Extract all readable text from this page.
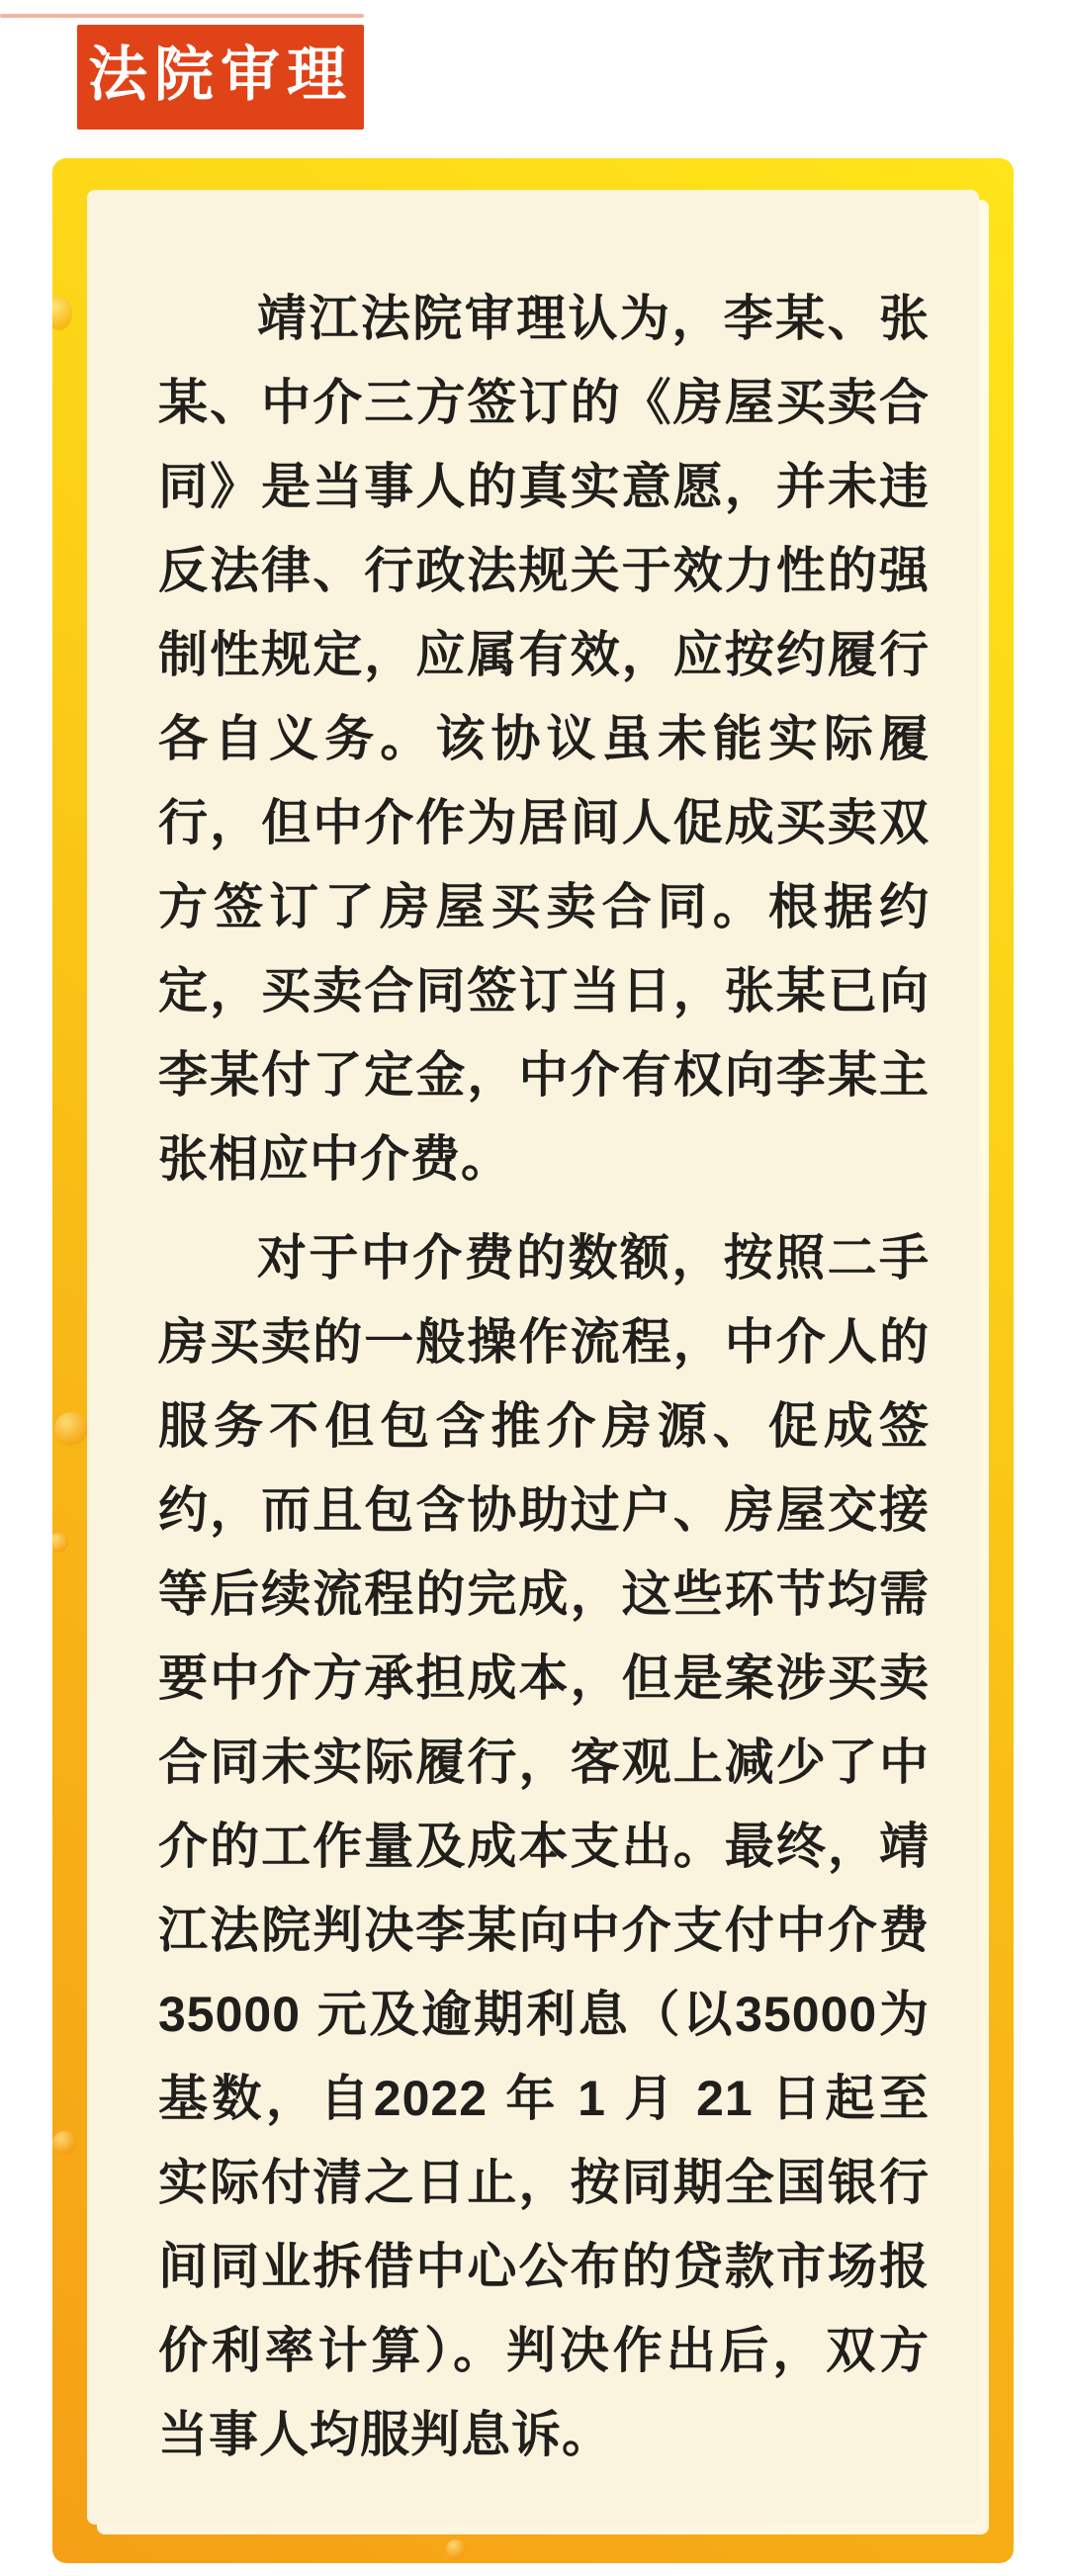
法院审理

靖江法院审理认为，李某、张某、中介三方签订的《房屋买卖合同》是当事人的真实意愿，并未违反法律、行政法规关于效力性的强制性规定，应属有效，应按约履行各自义务。该协议虽未能实际履行，但中介作为居间人促成买卖双方签订了房屋买卖合同。根据约定，买卖合同签订当日，张某已向李某付了定金，中介有权向李某主张相应中介费。

对于中介费的数额，按照二手房买卖的一般操作流程，中介人的服务不但包含推介房源、促成签约，而且包含协助过户、房屋交接等后续流程的完成，这些环节均需要中介方承担成本，但是案涉买卖合同未实际履行，客观上减少了中介的工作量及成本支出。最终，靖江法院判决李某向中介支付中介费35000 元及逾期利息（以35000为基数，自2022 年 1 月 21 日起至实际付清之日止，按同期全国银行间同业拆借中心公布的贷款市场报价利率计算）。判决作出后，双方当事人均服判息诉。
